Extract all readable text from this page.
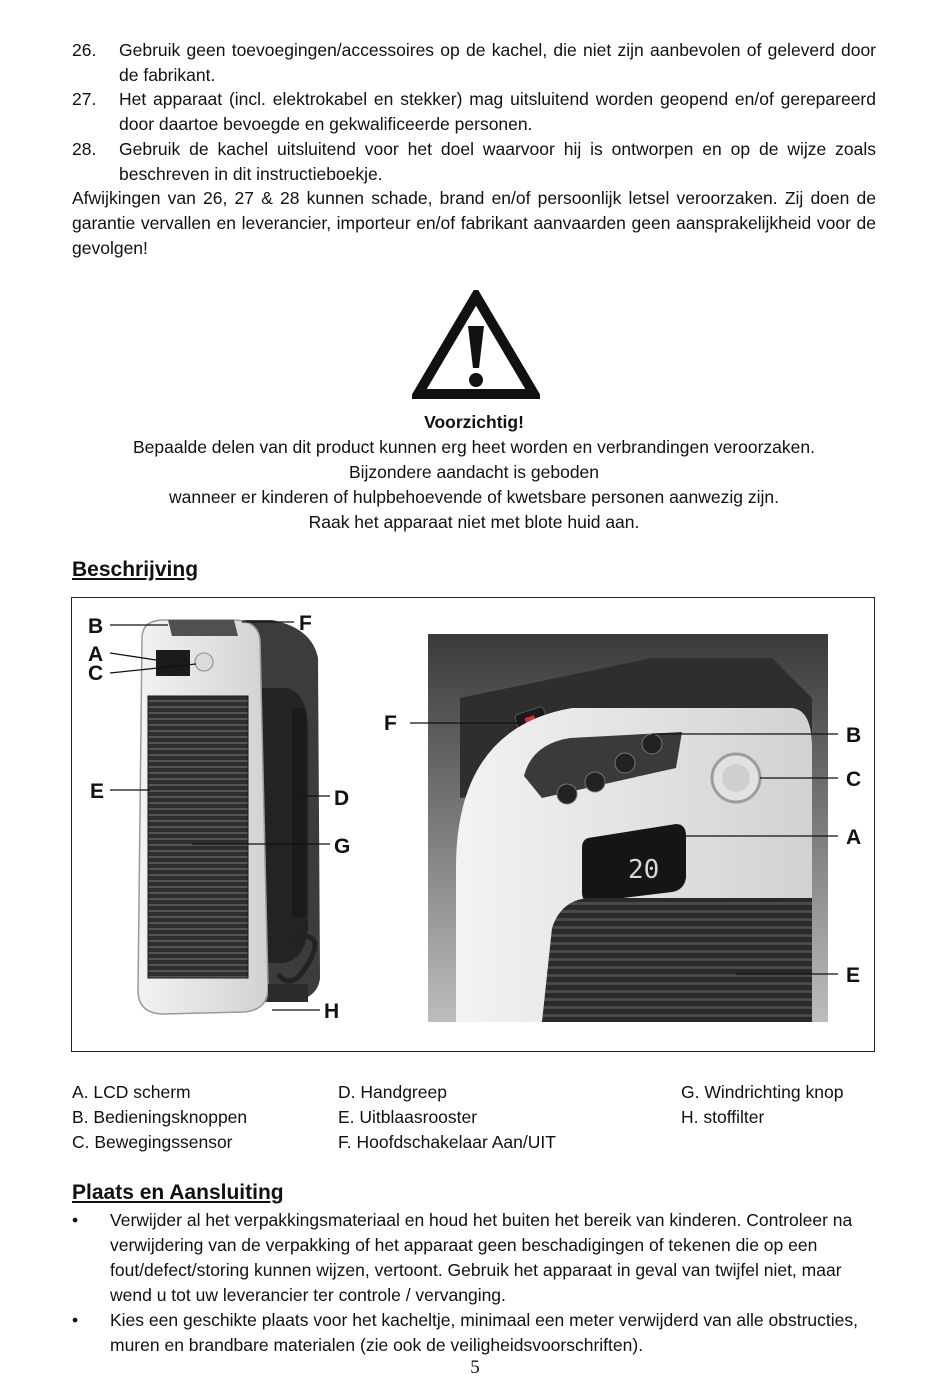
26. Gebruik geen toevoegingen/accessoires op de kachel, die niet zijn aanbevolen of geleverd door de fabrikant.
27. Het apparaat (incl. elektrokabel en stekker) mag uitsluitend worden geopend en/of gerepareerd door daartoe bevoegde en gekwalificeerde personen.
28. Gebruik de kachel uitsluitend voor het doel waarvoor hij is ontworpen en op de wijze zoals beschreven in dit instructieboekje.
Afwijkingen van 26, 27 & 28 kunnen schade, brand en/of persoonlijk letsel veroorzaken. Zij doen de garantie vervallen en leverancier, importeur en/of fabrikant aanvaarden geen aansprakelijkheid voor de gevolgen!
Voorzichtig!
Bepaalde delen van dit product kunnen erg heet worden en verbrandingen veroorzaken.
Bijzondere aandacht is geboden
wanneer er kinderen of hulpbehoevende of kwetsbare personen aanwezig zijn.
Raak het apparaat niet met blote huid aan.
Beschrijving
B
A
C
F
E	D
G
H
20
F
B
C
A
E
A. LCD scherm
B. Bedieningsknoppen
C. Bewegingssensor
D. Handgreep
E. Uitblaasrooster
F. Hoofdschakelaar Aan/UIT
G. Windrichting knop
H. stoffilter
Plaats en Aansluiting
• Verwijder al het verpakkingsmateriaal en houd het buiten het bereik van kinderen. Controleer na verwijdering van de verpakking of het apparaat geen beschadigingen of tekenen die op een fout/defect/storing kunnen wijzen, vertoont. Gebruik het apparaat in geval van twijfel niet, maar wend u tot uw leverancier ter controle / vervanging.
• Kies een geschikte plaats voor het kacheltje, minimaal een meter verwijderd van alle obstructies, muren en brandbare materialen (zie ook de veiligheidsvoorschriften).
5
